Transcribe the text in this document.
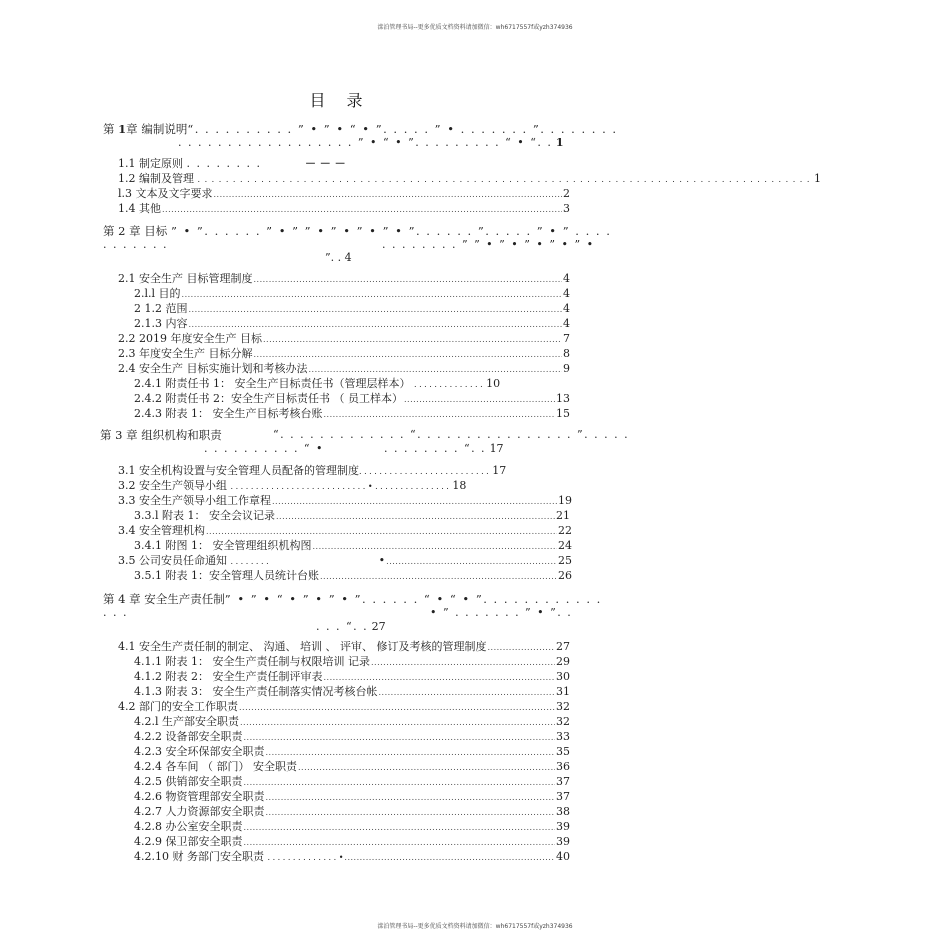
滦泊管理书局--更多优质文档资料请加微信：wh6717557f或yzh374936
目 录
第 1章 编制说明“. . . . . . . . . . ” • ” • “ • ”. . . . . ” • . . . . . . . ”. . . . . . . .
. . . . . . . . . . . . . . . . . . ” • “ • ”. . . . . . . . . “ • “. . 1
1.1 制定原则 . . . . . . . .	－ － －
1.2 编制及管理 . . . . . . . . . . . . . . . . . . . . . . . . . . . . . . . . . . . . . . . . . . . . . . . . . . . . . . . . . . . . . . . . . . . . . . . . . . . . . . . . . . . . . . . 1
l.3 文本及文字要求 .....	2
1.4 其他 .....	3
第 2 章 目标 ” • ”. . . . . . ” • ” ” • ” • ” • ” • ”. . . . . . ”. . . . . ” • ” . . . .
. . . . . . .	. . . . . . . . ” ” • ” • ” • ” • ” •
”. . 4
2.1 安全生产 目标管理制度 .....	4
2.l.l 目的 .....	4
2 1.2 范围 .....	4
2.1.3 内容 .....	4
2.2 2019 年度安全生产 目标 .....	7
2.3 年度安全生产 目标分解 .....	8
2.4 安全生产 目标实施计划和考核办法 .....	9
2.4.1 附责任书 1： 安全生产目标责任书（管理层样本） . . . . . . . . . . . . . . 10
2.4.2 附责任书 2：安全生产目标责任书 （ 员工样本） .....	13
2.4.3 附表 1： 安全生产目标考核台账 .....	15
第 3 章 组织机构和职责	“. . . . . . . . . . . . . “. . . . . . . . . . . . . . . . ”. . . . .
. . . . . . . . . . “ •	. . . . . . . . “. . 17
3.1 安全机构设置与安全管理人员配备的管理制度. . . . . . . . . . . . . . . . . . . . . . . . . . 17
3.2 安全生产领导小组 . . . . . . . . . . . . . . . . . . . . . . . . . . . • . . . . . . . . . . . . . . . 18
3.3 安全生产领导小组工作章程 .....	19
3.3.l 附表 1： 安全会议记录 .....	21
3.4 安全管理机构 .....	22
3.4.1 附图 1： 安全管理组织机构图 .....	24
3.5 公司安员任命通知 . . . . . . . .	• .....	25
3.5.1 附表 1：安全管理人员统计台账 .....	26
第 4 章 安全生产责任制” • ” • “ • ” • ” • ”. . . . . . “ • “ • ”. . . . . . . . . . . .
. . .	• ” . . . . . . . ” • ”. .
. . . “. . 27
4.1 安全生产责任制的制定、 沟通、 培训 、 评审、 修订及考核的管理制度 .....	27
4.1.1 附表 1： 安全生产责任制与权限培训 记录 .....	29
4.1.2 附表 2： 安全生产责任制评审表 .....	30
4.1.3 附表 3： 安全生产责任制落实情况考核台帐 .....	31
4.2 部门的安全工作职责 .....	32
4.2.l 生产部安全职责 .....	32
4.2.2 设备部安全职责 .....	33
4.2.3 安全环保部安全职责 .....	35
4.2.4 各车间 （ 部门） 安全职责 .....	36
4.2.5 供销部安全职责 .....	37
4.2.6 物资管理部安全职责 .....	37
4.2.7 人力资源部安全职责 .....	38
4.2.8 办公室安全职责 .....	39
4.2.9 保卫部安全职责 .....	39
4.2.10 财 务部门安全职责 . . . . . . . . . . . . . . • .....	40
滦泊管理书局--更多优质文档资料请加微信：wh6717557f或yzh374936
